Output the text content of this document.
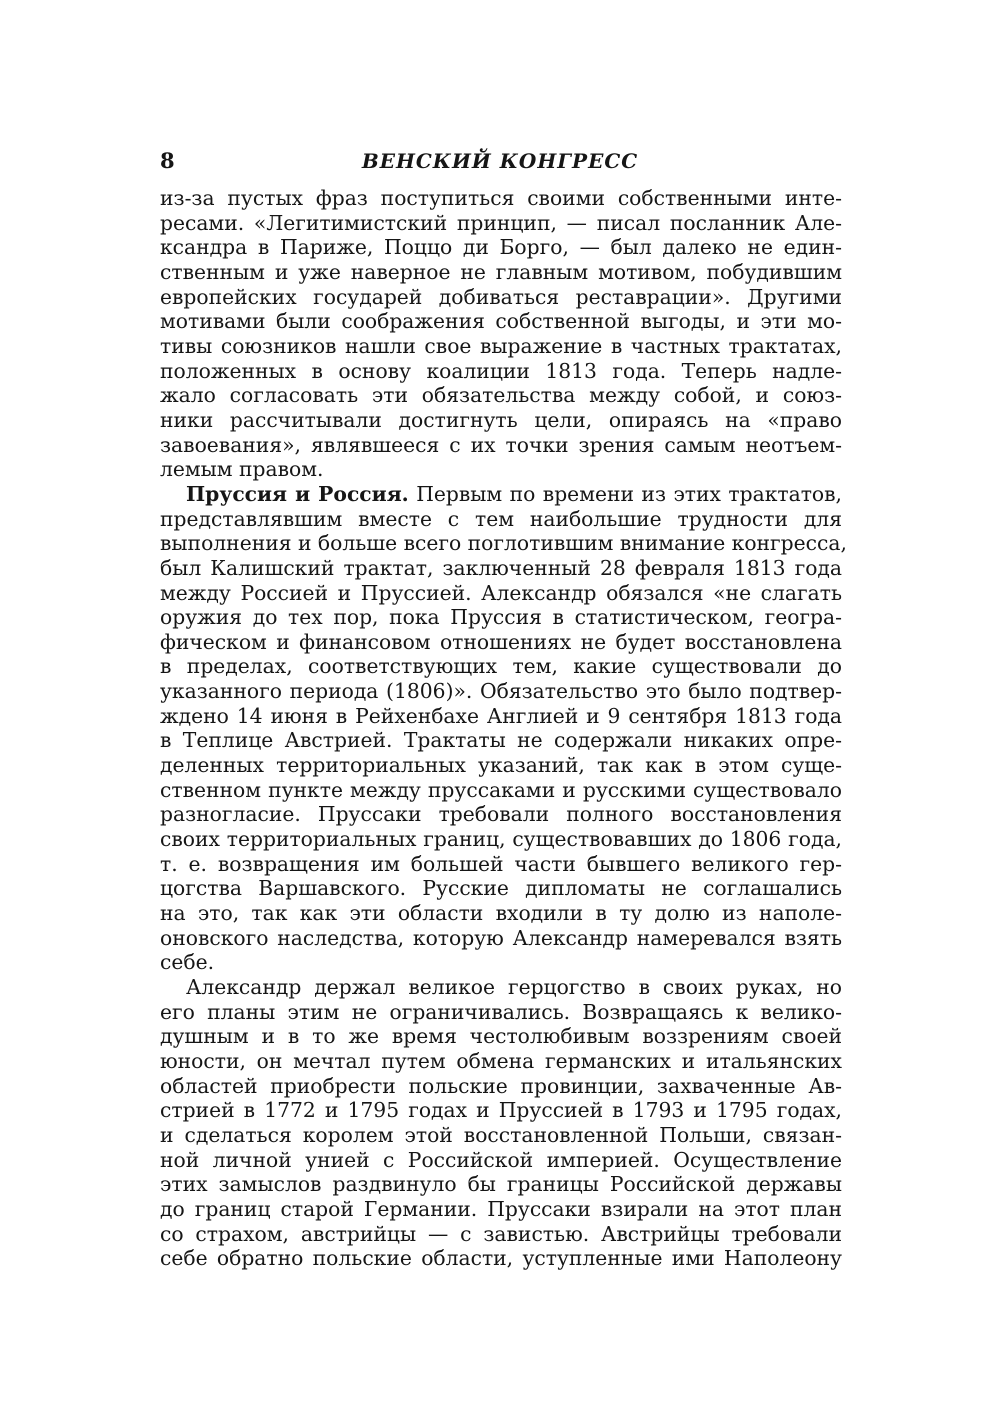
8	ВЕНСКИЙ КОНГРЕСС
из-за пустых фраз поступиться своими собственными инте-
ресами. «Легитимистский принцип, — писал посланник Але-
ксандра в Париже, Поццо ди Борго, — был далеко не един-
ственным и уже наверное не главным мотивом, побудившим
европейских государей добиваться реставрации». Другими
мотивами были соображения собственной выгоды, и эти мо-
тивы союзников нашли свое выражение в частных трактатах,
положенных в основу коалиции 1813 года. Теперь надле-
жало согласовать эти обязательства между собой, и союз-
ники рассчитывали достигнуть цели, опираясь на «право
завоевания», являвшееся с их точки зрения самым неотъем-
лемым правом.
Пруссия и Россия. Первым по времени из этих трактатов,
представлявшим вместе с тем наибольшие трудности для
выполнения и больше всего поглотившим внимание конгресса,
был Калишский трактат, заключенный 28 февраля 1813 года
между Россией и Пруссией. Александр обязался «не слагать
оружия до тех пор, пока Пруссия в статистическом, геогра-
фическом и финансовом отношениях не будет восстановлена
в пределах, соответствующих тем, какие существовали до
указанного периода (1806)». Обязательство это было подтвер-
ждено 14 июня в Рейхенбахе Англией и 9 сентября 1813 года
в Теплице Австрией. Трактаты не содержали никаких опре-
деленных территориальных указаний, так как в этом суще-
ственном пункте между пруссаками и русскими существовало
разногласие. Пруссаки требовали полного восстановления
своих территориальных границ, существовавших до 1806 года,
т. е. возвращения им большей части бывшего великого гер-
цогства Варшавского. Русские дипломаты не соглашались
на это, так как эти области входили в ту долю из наполе-
оновского наследства, которую Александр намеревался взять
себе.
Александр держал великое герцогство в своих руках, но
его планы этим не ограничивались. Возвращаясь к велико-
душным и в то же время честолюбивым воззрениям своей
юности, он мечтал путем обмена германских и итальянских
областей приобрести польские провинции, захваченные Ав-
стрией в 1772 и 1795 годах и Пруссией в 1793 и 1795 годах,
и сделаться королем этой восстановленной Польши, связан-
ной личной унией с Российской империей. Осуществление
этих замыслов раздвинуло бы границы Российской державы
до границ старой Германии. Пруссаки взирали на этот план
со страхом, австрийцы — с завистью. Австрийцы требовали
себе обратно польские области, уступленные ими Наполеону
